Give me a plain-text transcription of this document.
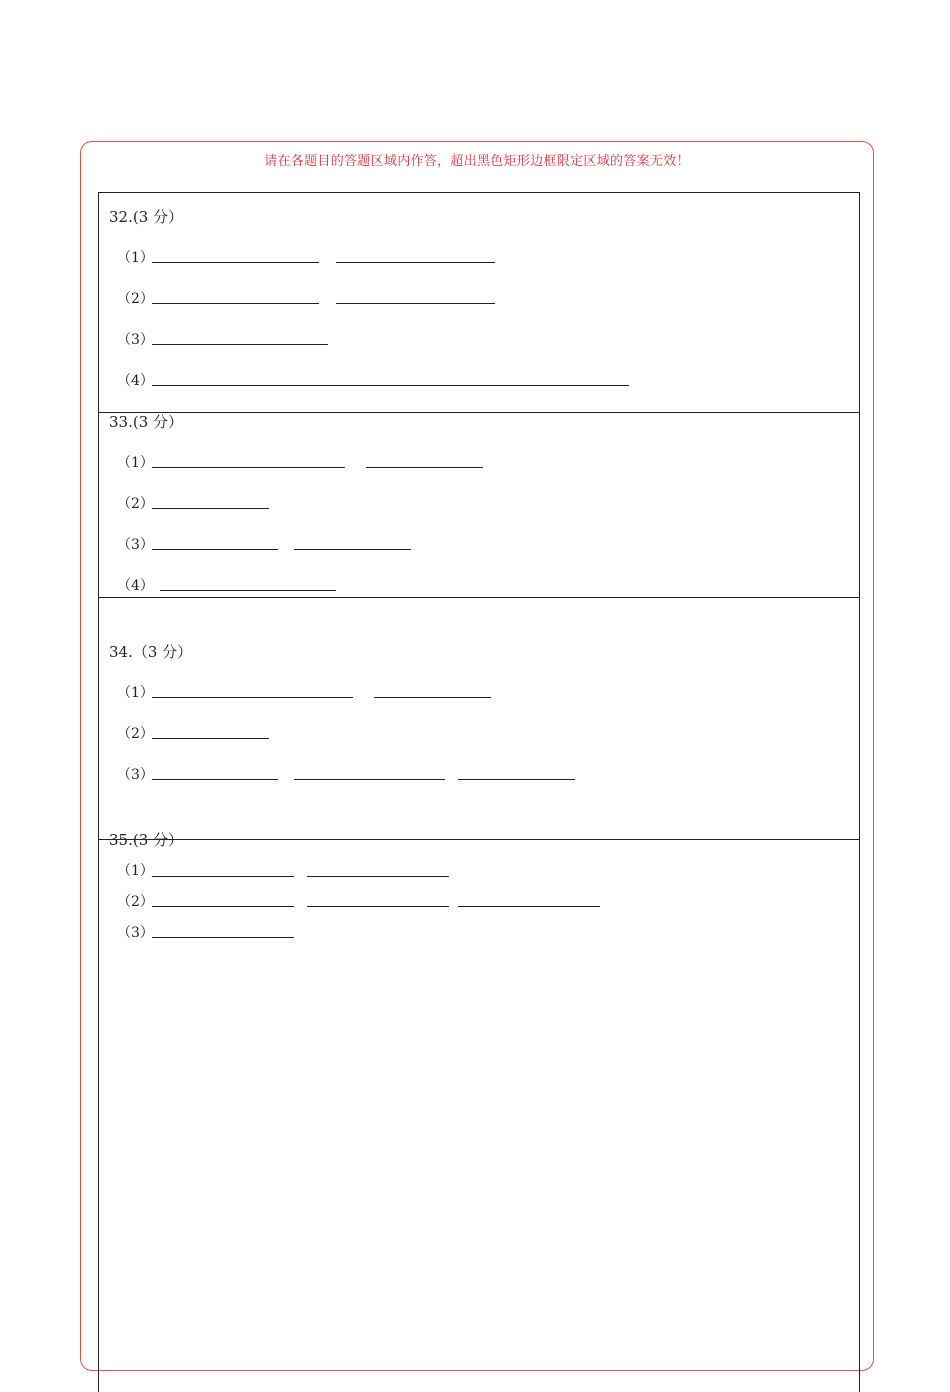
请在各题目的答题区域内作答，超出黑色矩形边框限定区域的答案无效！
32.(3 分）
（1）
（2）
（3）
（4）
33.(3 分）
（1）
（2）
（3）
（4）
34.（3 分）
（1）
（2）
（3）
35.(3 分）
（1）
（2）
（3）
